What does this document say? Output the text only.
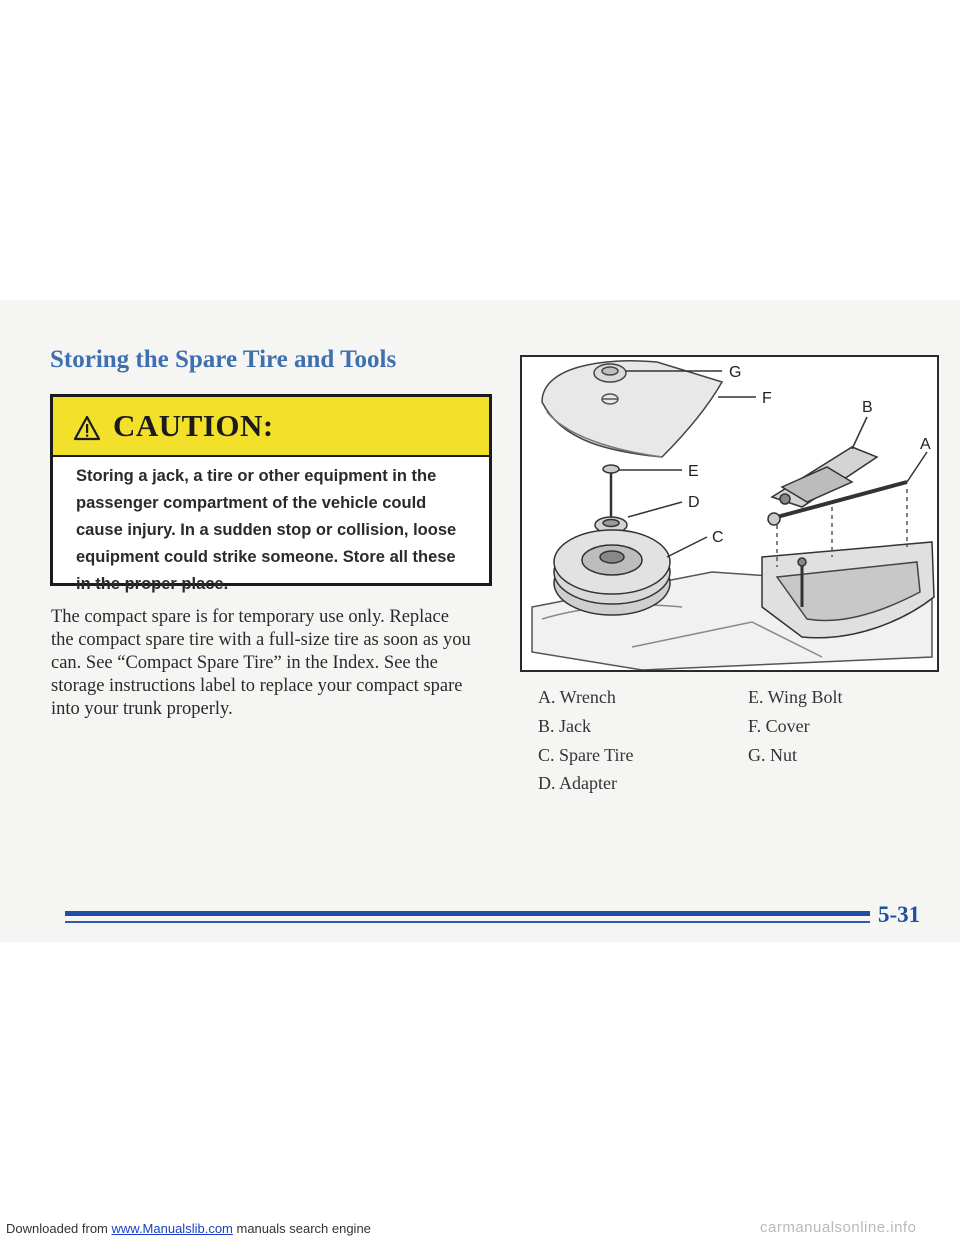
Storing the Spare Tire and Tools
CAUTION:

Storing a jack, a tire or other equipment in the
passenger compartment of the vehicle could
cause injury. In a sudden stop or collision, loose
equipment could strike someone. Store all these
in the proper place.

The compact spare is for temporary use only. Replace
the compact spare tire with a full-size tire as soon as you
can. See “Compact Spare Tire” in the Index. See the
storage instructions label to replace your compact spare
into your trunk properly.

G
F
B
A
E
D
C
A. Wrench
B. Jack
C. Spare Tire
D. Adapter
E. Wing Bolt
F. Cover
G. Nut
5-31
Downloaded from www.Manualslib.com manuals search engine	carmanualsonline.info
